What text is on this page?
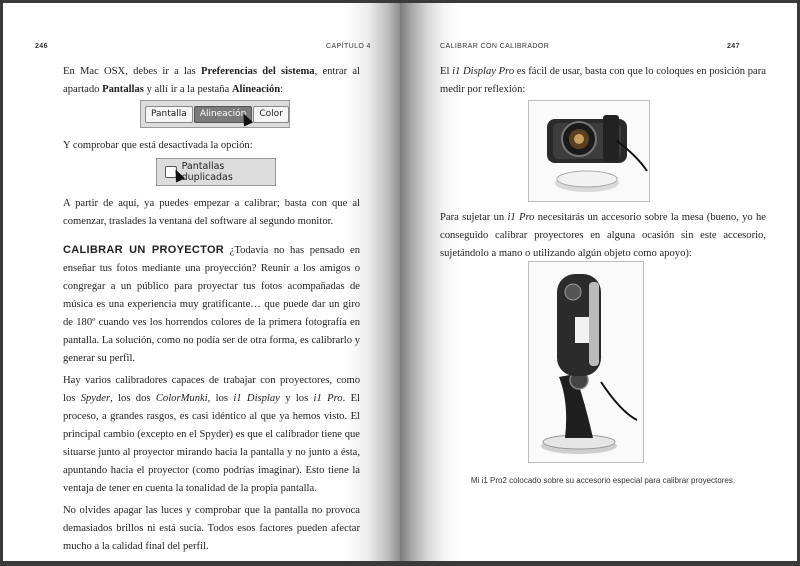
246	CAPÍTULO 4
En Mac OSX, debes ir a las Preferencias del sistema, entrar al apartado Pantallas y allí ir a la pestaña Alineación:
Pantalla	Alineación	Color
Y comprobar que está desactivada la opción:
Pantallas duplicadas
A partir de aquí, ya puedes empezar a calibrar; basta con que al comenzar, traslades la ventana del software al segundo monitor.

CALIBRAR UN PROYECTOR ¿Todavía no has pensado en enseñar tus fotos mediante una proyección? Reunir a los amigos o congregar a un público para proyectar tus fotos acompañadas de música es una experiencia muy gratificante… que puede dar un giro de 180º cuando ves los horrendos colores de la primera fotografía en pantalla. La solución, como no podía ser de otra forma, es calibrarlo y generar su perfil.

Hay varios calibradores capaces de trabajar con proyectores, como los Spyder, los dos ColorMunki, los i1 Display y los i1 Pro. El proceso, a grandes rasgos, es casi idéntico al que ya hemos visto. El principal cambio (excepto en el Spyder) es que el calibrador tiene que situarse junto al proyector mirando hacia la pantalla y no junto a ésta, apuntando hacia el proyector (como podrías imaginar). Esto tiene la ventaja de tener en cuenta la tonalidad de la propia pantalla.

No olvides apagar las luces y comprobar que la pantalla no provoca demasiados brillos ni está sucia. Todos esos factores pueden afectar mucho a la calidad final del perfil.

CALIBRAR CON CALIBRADOR	247
El i1 Display Pro es fácil de usar, basta con que lo coloques en posición para medir por reflexión:
Para sujetar un i1 Pro necesitarás un accesorio sobre la mesa (bueno, yo he conseguido calibrar proyectores en alguna ocasión sin este accesorio, sujetándolo a mano o utilizando algún objeto como apoyo):
Mi i1 Pro2 colocado sobre su accesorio especial para calibrar proyectores.
